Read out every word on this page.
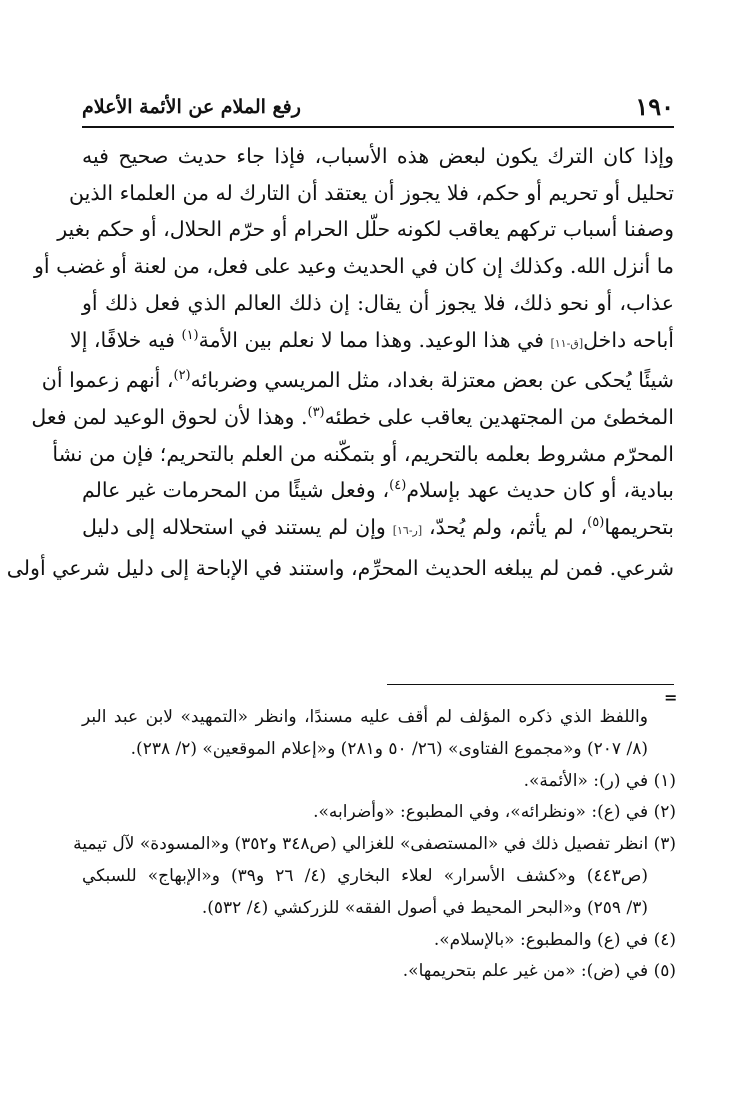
١٩٠
رفع الملام عن الأئمة الأعلام
وإذا كان الترك يكون لبعض هذه الأسباب، فإذا جاء حديث صحيح فيه
تحليل أو تحريم أو حكم، فلا يجوز أن يعتقد أن التارك له من العلماء الذين
وصفنا أسباب تركهم يعاقب لكونه حلّل الحرام أو حرّم الحلال، أو حكم بغير
ما أنزل الله. وكذلك إن كان في الحديث وعيد على فعل، من لعنة أو غضب أو
عذاب، أو نحو ذلك، فلا يجوز أن يقال: إن ذلك العالم الذي فعل ذلك أو
أباحه داخل[ق-١١] في هذا الوعيد. وهذا مما لا نعلم بين الأمة$^{(١)}$ فيه خلافًا، إلا
شيئًا يُحكى عن بعض معتزلة بغداد، مثل المريسي وضربائه$^{(٢)}$، أنهم زعموا أن
المخطئ من المجتهدين يعاقب على خطئه$^{(٣)}$. وهذا لأن لحوق الوعيد لمن فعل
المحرّم مشروط بعلمه بالتحريم، أو بتمكّنه من العلم بالتحريم؛ فإن من نشأ
ببادية، أو كان حديث عهد بإسلام$^{(٤)}$، وفعل شيئًا من المحرمات غير عالم
بتحريمها$^{(٥)}$، لم يأثم، ولم يُحدّ، [ر-١٦] وإن لم يستند في استحلاله إلى دليل
شرعي. فمن لم يبلغه الحديث المحرِّم، واستند في الإباحة إلى دليل شرعي أولى
=
واللفظ الذي ذكره المؤلف لم أقف عليه مسندًا، وانظر «التمهيد» لابن عبد البر
(٨/ ٢٠٧) و«مجموع الفتاوى» (٢٦/ ٥٠ و٢٨١) و«إعلام الموقعين» (٢/ ٢٣٨).
(١) في (ر): «الأئمة».
(٢) في (ع): «ونظرائه»، وفي المطبوع: «وأضرابه».
(٣) انظر تفصيل ذلك في «المستصفى» للغزالي (ص٣٤٨ و٣٥٢) و«المسودة» لآل تيمية
(ص٤٤٣) و«كشف الأسرار» لعلاء البخاري (٤/ ٢٦ و٣٩) و«الإبهاج» للسبكي
(٣/ ٢٥٩) و«البحر المحيط في أصول الفقه» للزركشي (٤/ ٥٣٢).
(٤) في (ع) والمطبوع: «بالإسلام».
(٥) في (ض): «من غير علم بتحريمها».
